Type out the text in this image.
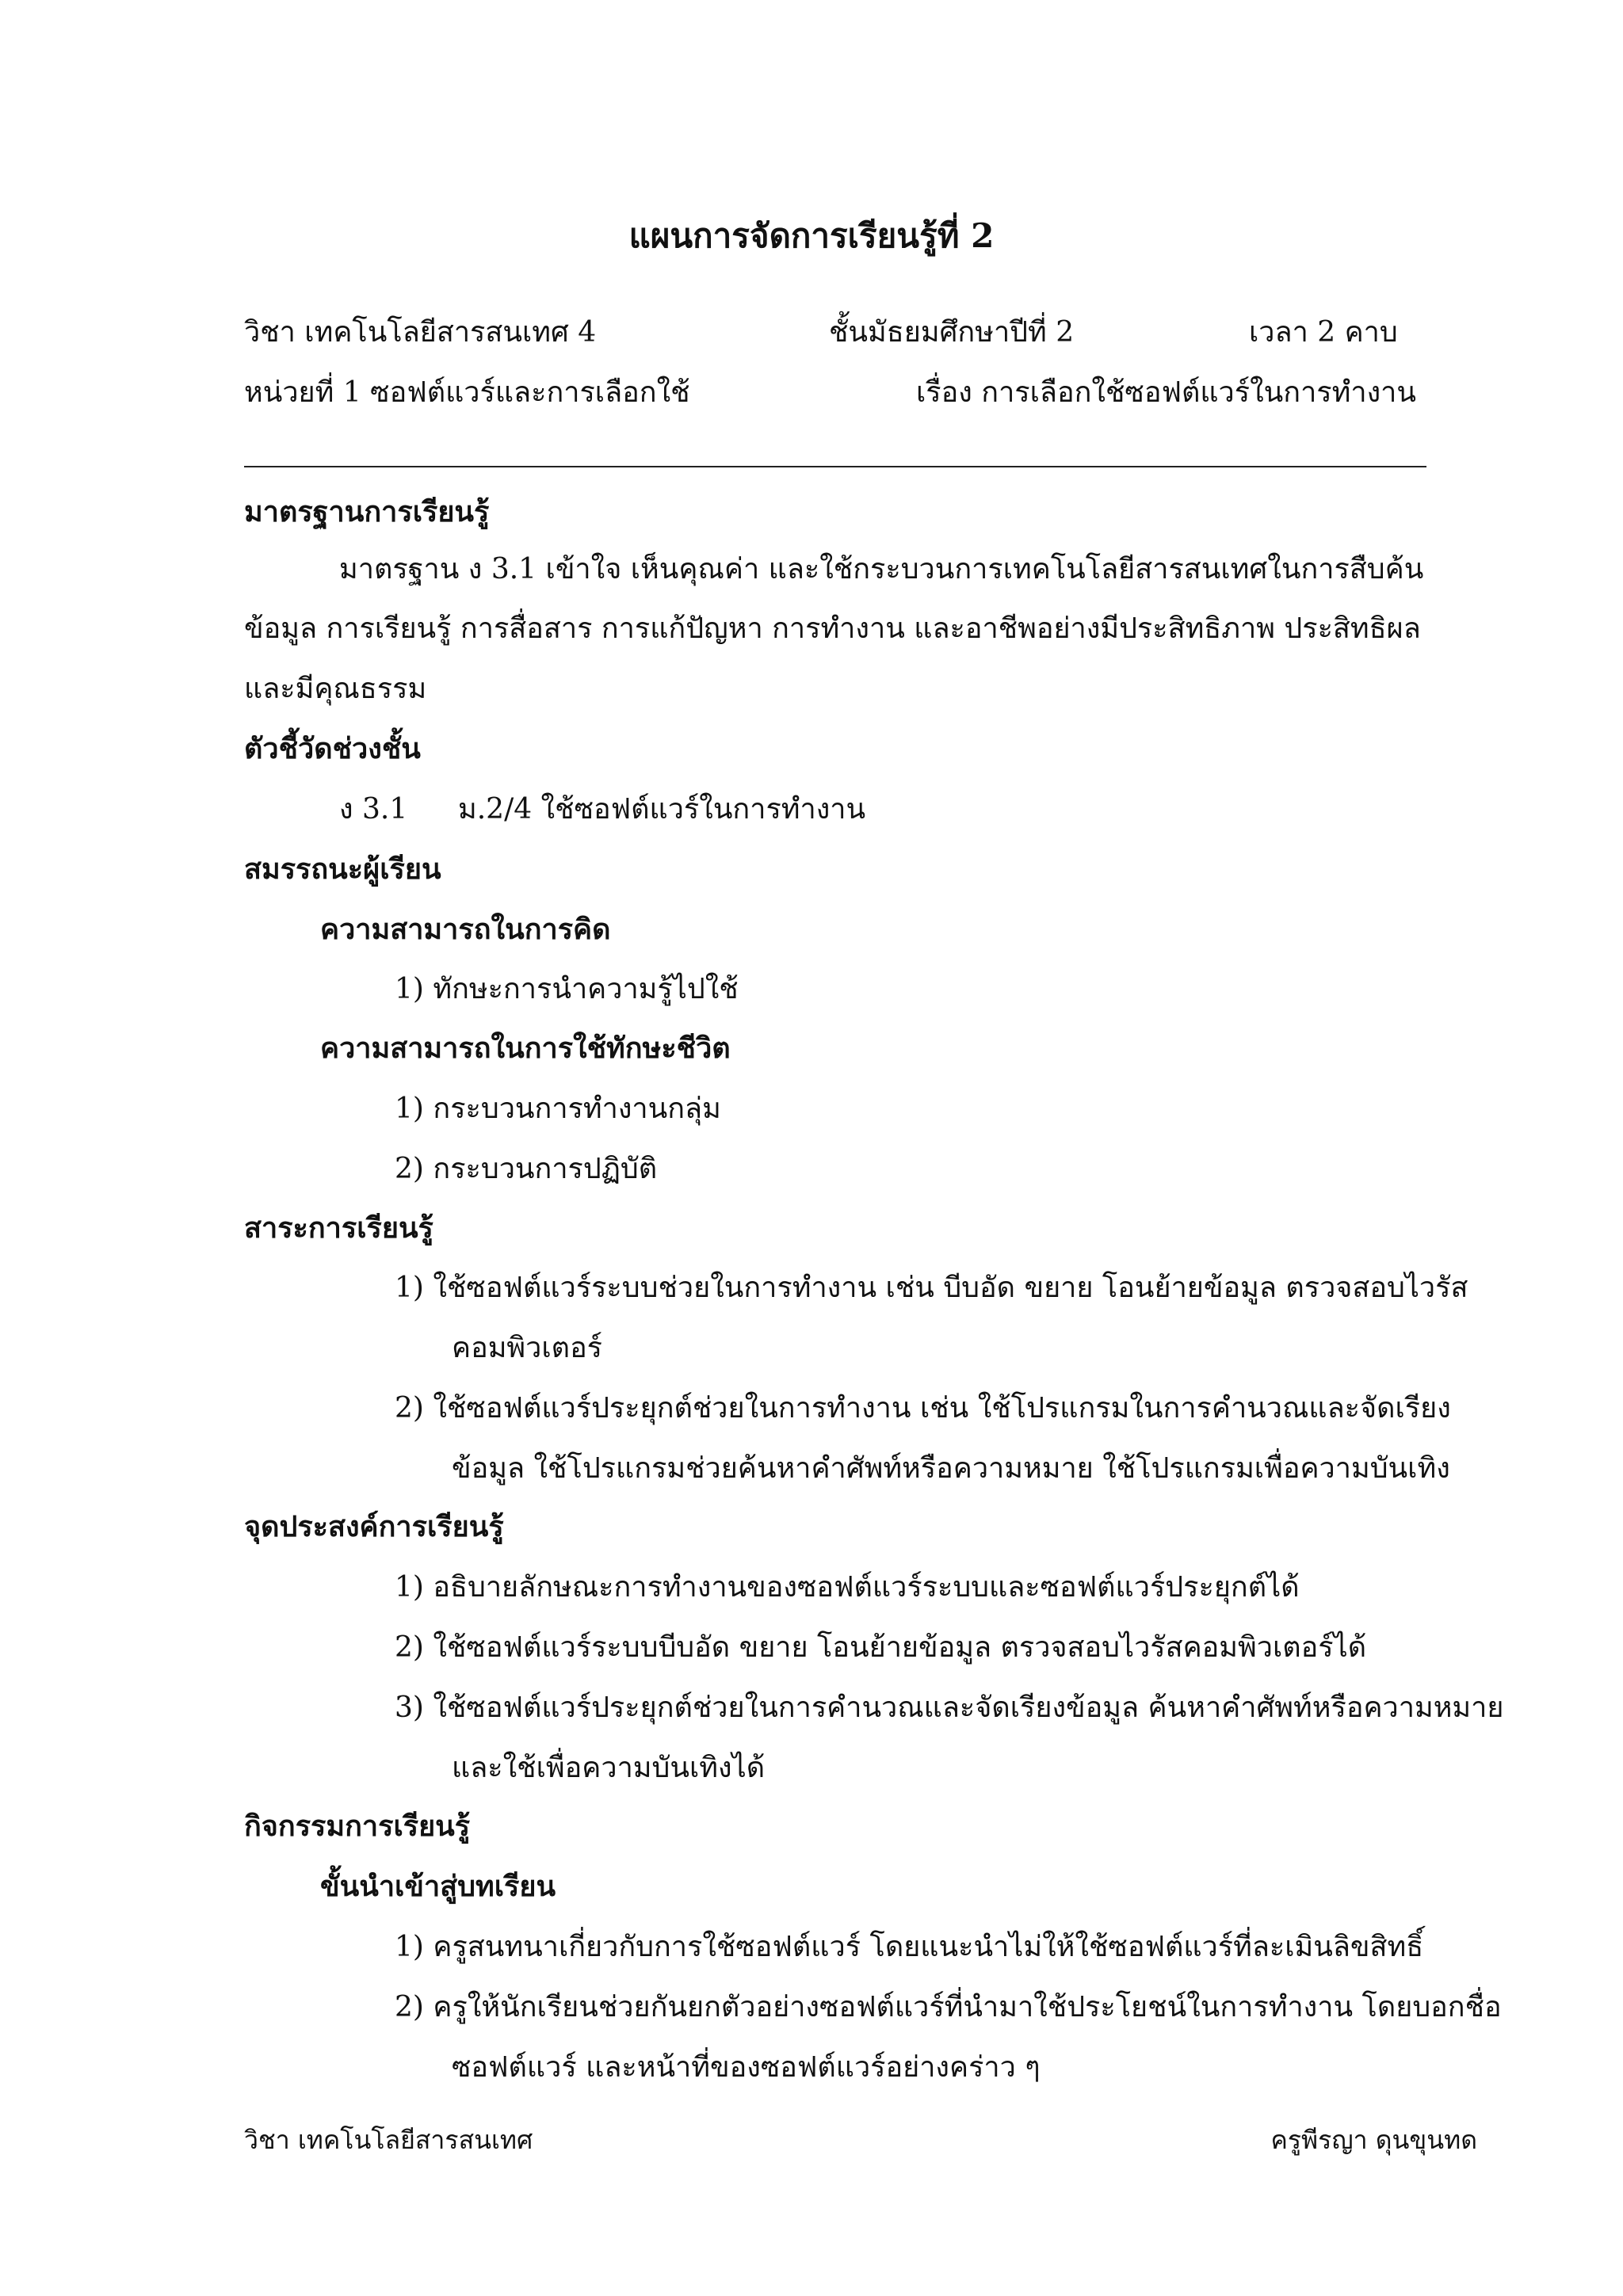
แผนการจัดการเรียนรู้ที่ 2
วิชา เทคโนโลยีสารสนเทศ 4	ชั้นมัธยมศึกษาปีที่ 2	เวลา 2 คาบ
หน่วยที่ 1 ซอฟต์แวร์และการเลือกใช้	เรื่อง การเลือกใช้ซอฟต์แวร์ในการทำงาน
มาตรฐานการเรียนรู้
มาตรฐาน ง 3.1 เข้าใจ เห็นคุณค่า และใช้กระบวนการเทคโนโลยีสารสนเทศในการสืบค้น
ข้อมูล การเรียนรู้ การสื่อสาร การแก้ปัญหา การทำงาน และอาชีพอย่างมีประสิทธิภาพ ประสิทธิผล
และมีคุณธรรม
ตัวชี้วัดช่วงชั้น
ง 3.1 ม.2/4 ใช้ซอฟต์แวร์ในการทำงาน
สมรรถนะผู้เรียน
ความสามารถในการคิด
1) ทักษะการนำความรู้ไปใช้
ความสามารถในการใช้ทักษะชีวิต
1) กระบวนการทำงานกลุ่ม
2) กระบวนการปฏิบัติ
สาระการเรียนรู้
1) ใช้ซอฟต์แวร์ระบบช่วยในการทำงาน เช่น บีบอัด ขยาย โอนย้ายข้อมูล ตรวจสอบไวรัส
คอมพิวเตอร์
2) ใช้ซอฟต์แวร์ประยุกต์ช่วยในการทำงาน เช่น ใช้โปรแกรมในการคำนวณและจัดเรียง
ข้อมูล ใช้โปรแกรมช่วยค้นหาคำศัพท์หรือความหมาย ใช้โปรแกรมเพื่อความบันเทิง
จุดประสงค์การเรียนรู้
1) อธิบายลักษณะการทำงานของซอฟต์แวร์ระบบและซอฟต์แวร์ประยุกต์ได้
2) ใช้ซอฟต์แวร์ระบบบีบอัด ขยาย โอนย้ายข้อมูล ตรวจสอบไวรัสคอมพิวเตอร์ได้
3) ใช้ซอฟต์แวร์ประยุกต์ช่วยในการคำนวณและจัดเรียงข้อมูล ค้นหาคำศัพท์หรือความหมาย
และใช้เพื่อความบันเทิงได้
กิจกรรมการเรียนรู้
ขั้นนำเข้าสู่บทเรียน
1) ครูสนทนาเกี่ยวกับการใช้ซอฟต์แวร์ โดยแนะนำไม่ให้ใช้ซอฟต์แวร์ที่ละเมินลิขสิทธิ์
2) ครูให้นักเรียนช่วยกันยกตัวอย่างซอฟต์แวร์ที่นำมาใช้ประโยชน์ในการทำงาน โดยบอกชื่อ
ซอฟต์แวร์ และหน้าที่ของซอฟต์แวร์อย่างคร่าว ๆ
วิชา เทคโนโลยีสารสนเทศ	ครูพีรญา ดุนขุนทด
